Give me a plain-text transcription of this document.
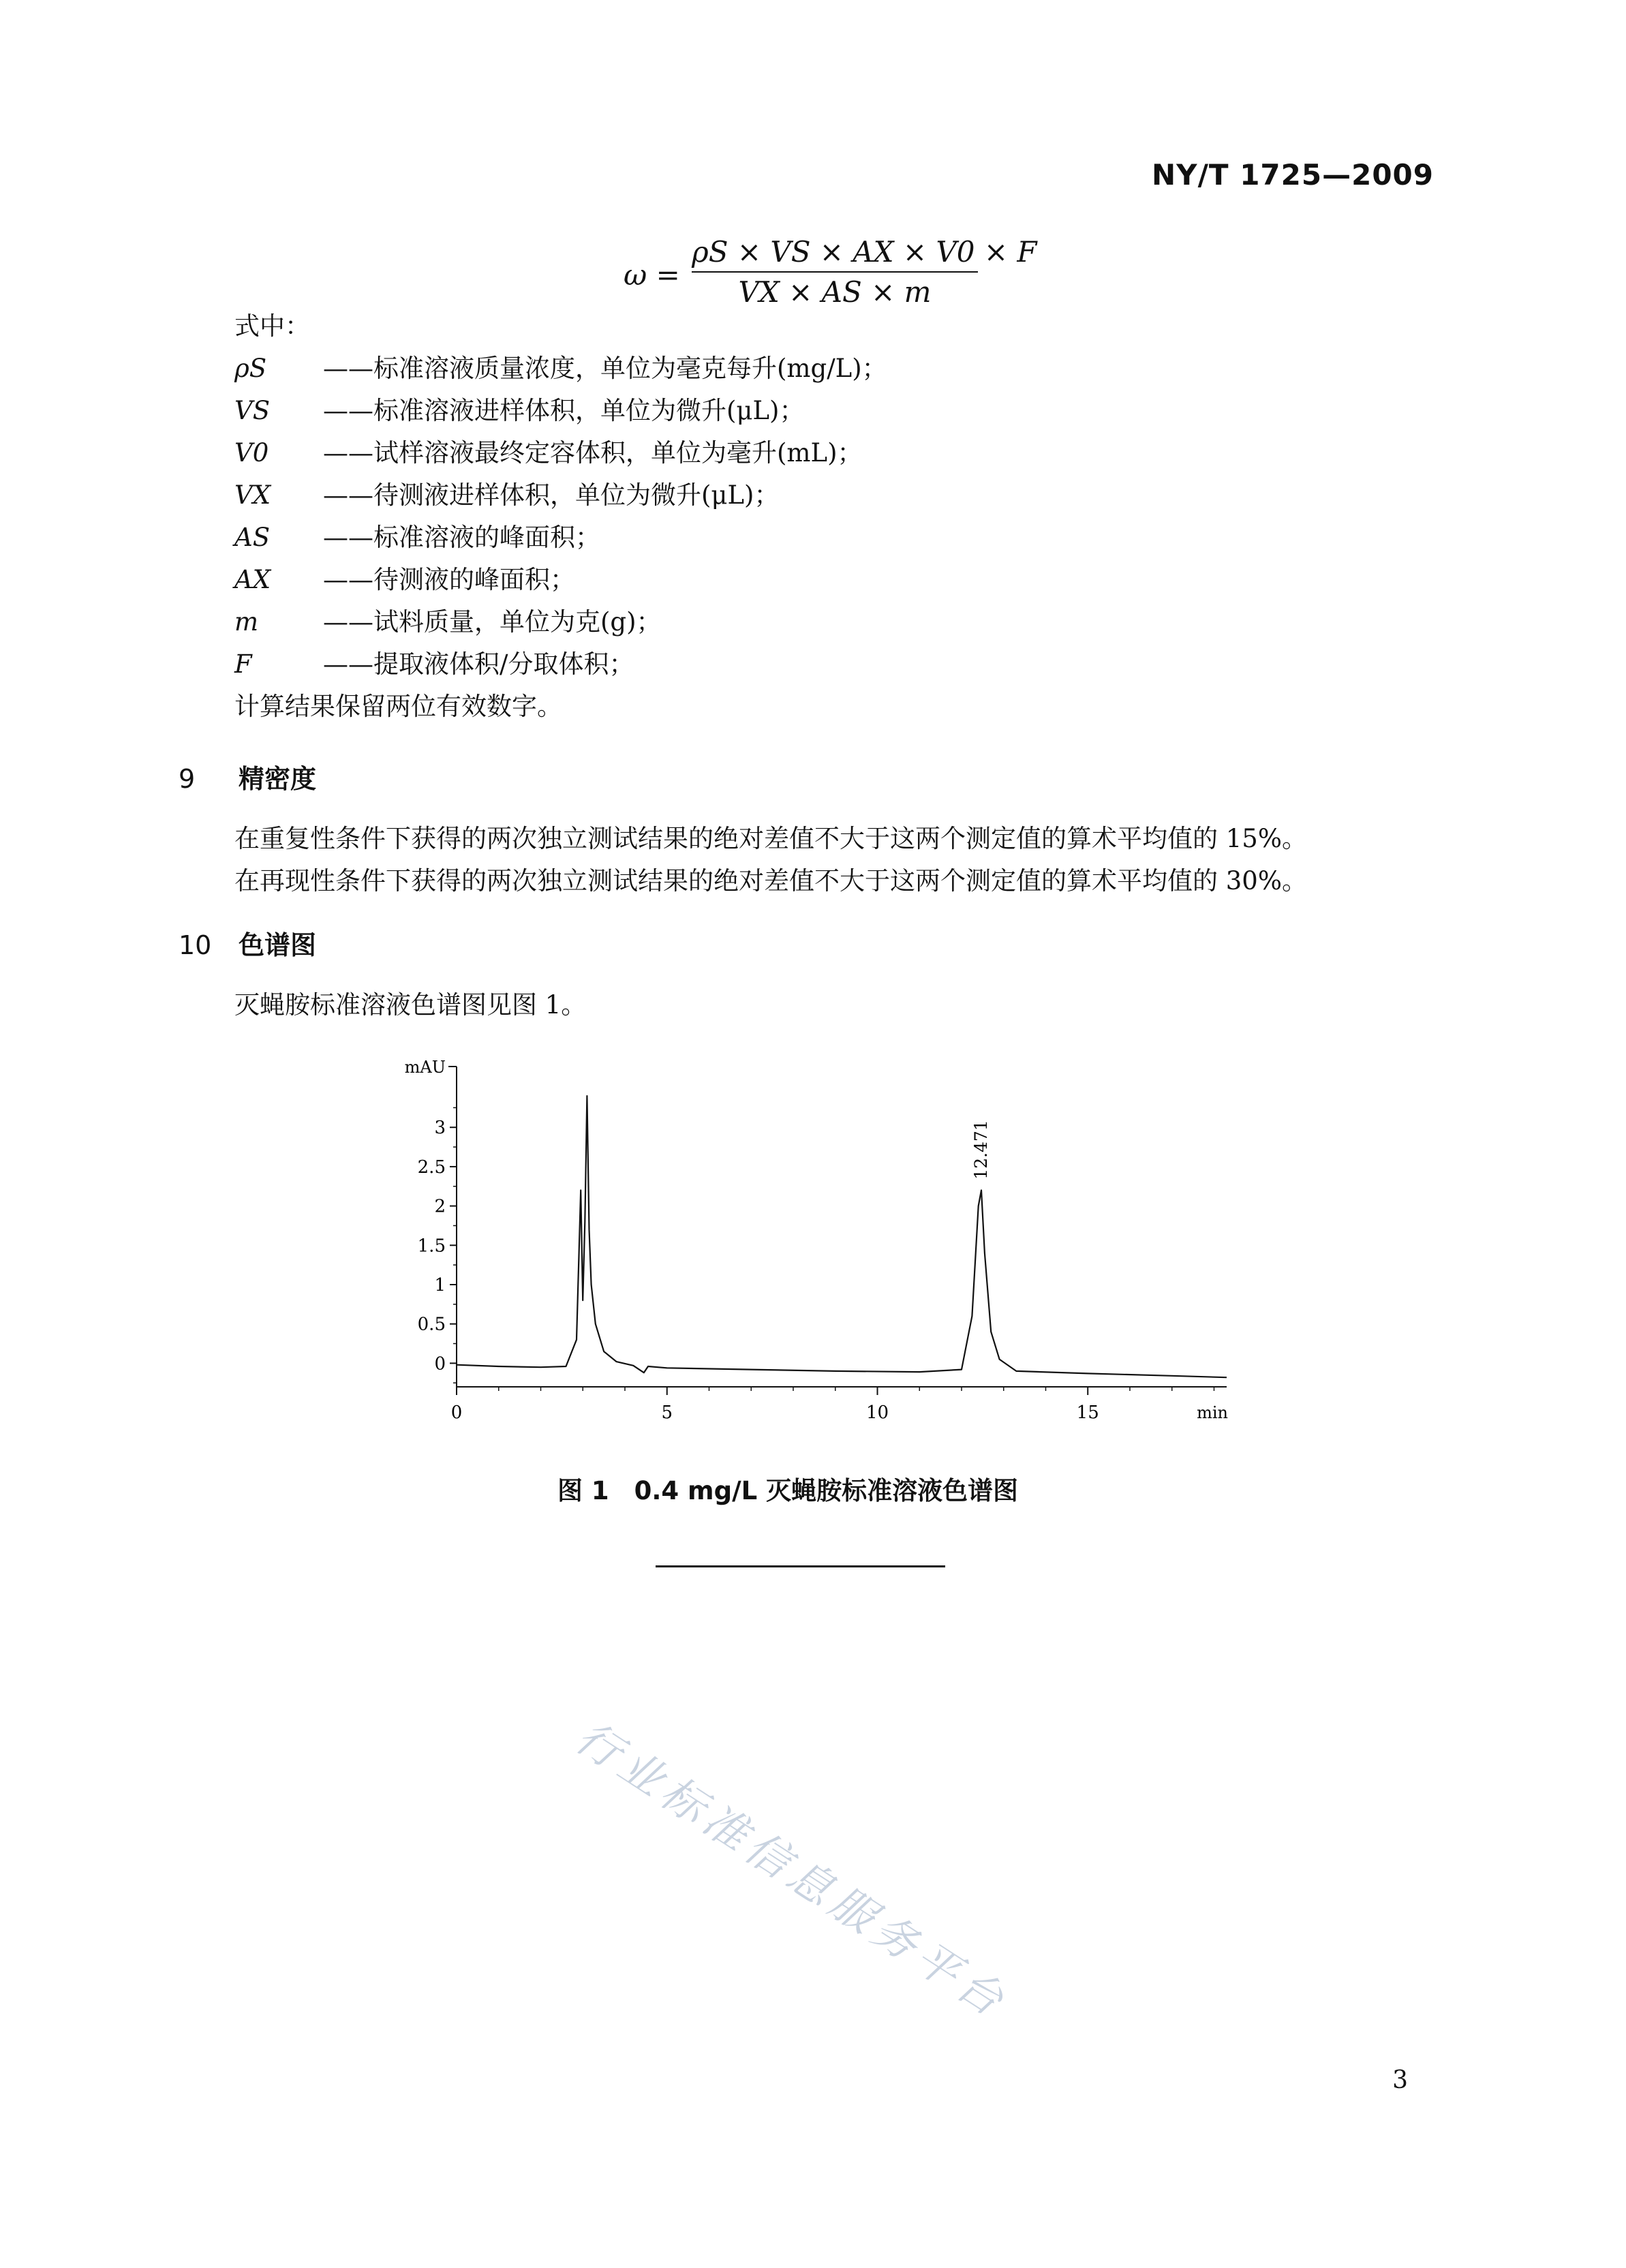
NY/T 1725—2009
$\omega = \frac{\rho S \times VS \times AX \times V0 \times F}{VX \times AS \times m}$
式中：
ρS ——标准溶液质量浓度，单位为毫克每升(mg/L)；
VS ——标准溶液进样体积，单位为微升(μL)；
V0 ——试样溶液最终定容体积，单位为毫升(mL)；
VX ——待测液进样体积，单位为微升(μL)；
AS ——标准溶液的峰面积；
AX ——待测液的峰面积；
m	——试料质量，单位为克(g)；
F	——提取液体积/分取体积；
计算结果保留两位有效数字。
9 精密度
在重复性条件下获得的两次独立测试结果的绝对差值不大于这两个测定值的算术平均值的 15%。
在再现性条件下获得的两次独立测试结果的绝对差值不大于这两个测定值的算术平均值的 30%。
10 色谱图
灭蝇胺标准溶液色谱图见图 1。
0
0.5
1
1.5
2
2.5
3
mAU
0	5	10	15	min
12.471
图 1　0.4 mg/L 灭蝇胺标准溶液色谱图
行业标准信息服务平台
3
